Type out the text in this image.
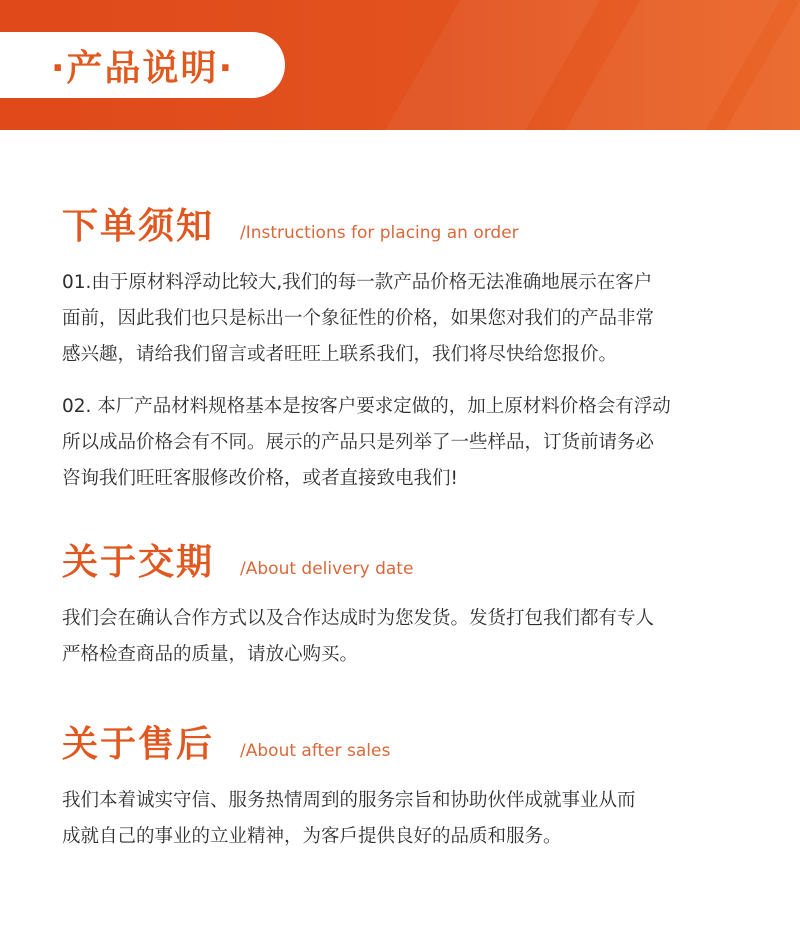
·产品说明·
下单须知 /Instructions for placing an order

01.由于原材料浮动比较大,我们的每一款产品价格无法准确地展示在客户
面前，因此我们也只是标出一个象征性的价格，如果您对我们的产品非常
感兴趣，请给我们留言或者旺旺上联系我们，我们将尽快给您报价。

02. 本厂产品材料规格基本是按客户要求定做的，加上原材料价格会有浮动
所以成品价格会有不同。展示的产品只是列举了一些样品，订货前请务必
咨询我们旺旺客服修改价格，或者直接致电我们!

关于交期 /About delivery date

我们会在确认合作方式以及合作达成时为您发货。发货打包我们都有专人
严格检查商品的质量，请放心购买。

关于售后 /About after sales

我们本着诚实守信、服务热情周到的服务宗旨和协助伙伴成就事业从而
成就自己的事业的立业精神，为客戶提供良好的品质和服务。
